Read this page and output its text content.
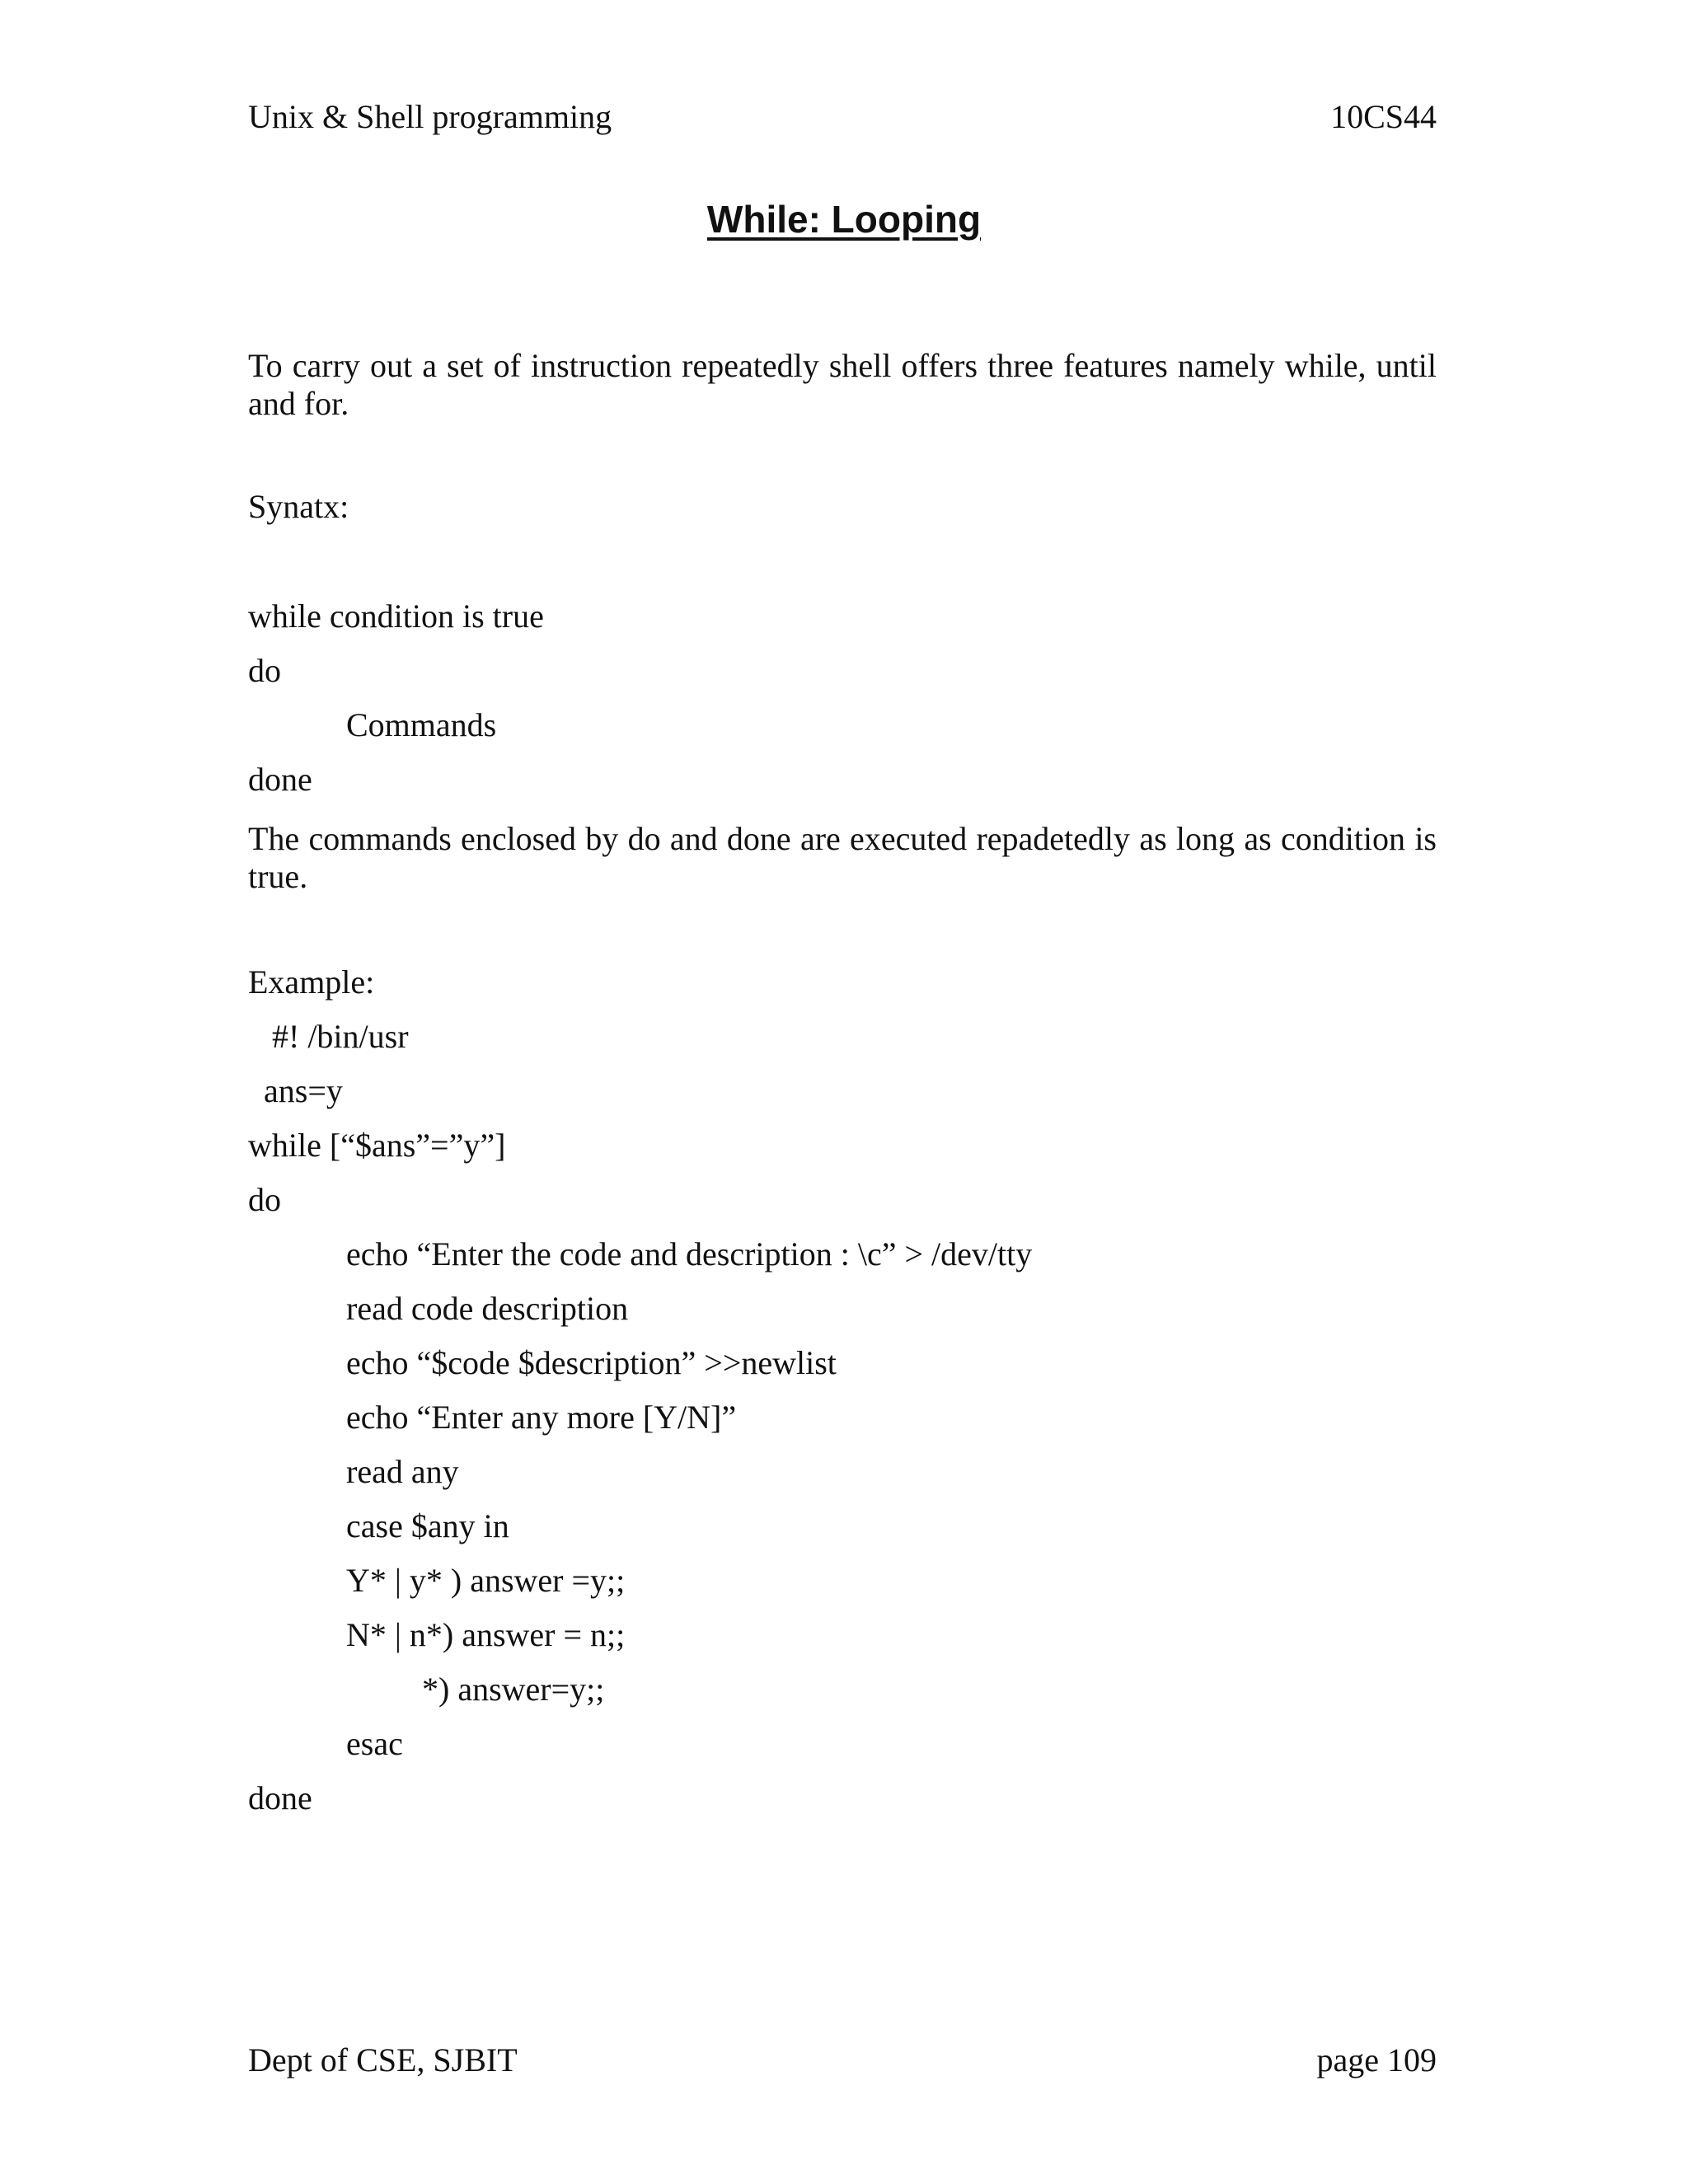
Unix & Shell programming	10CS44
While: Looping
To carry out a set of instruction repeatedly shell offers three features namely while, until and for.
Synatx:
while condition is true
do
Commands
done
The commands enclosed by do and done are executed repadetedly as long as condition is true.
Example:
#! /bin/usr
ans=y
while [“$ans”=”y”]
do
echo “Enter the code and description : \c” > /dev/tty
read code description
echo “$code $description” >>newlist
echo “Enter any more [Y/N]”
read any
case $any in
Y* | y* ) answer =y;;
N* | n*) answer = n;;
*) answer=y;;
esac
done
Dept of CSE, SJBIT	page 109
